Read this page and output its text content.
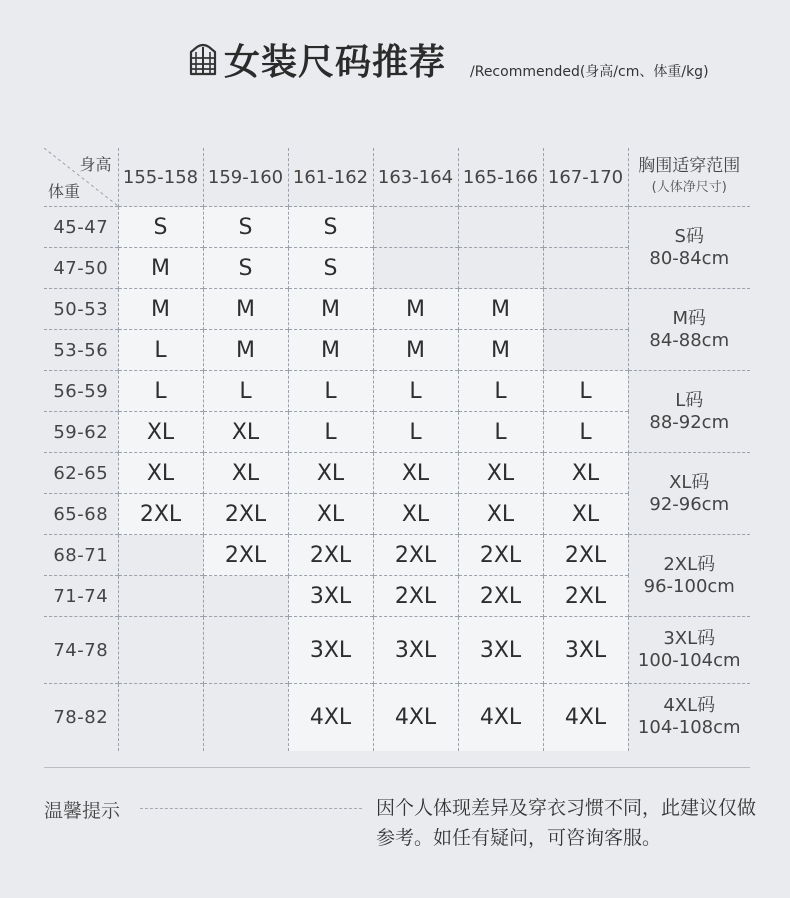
女装尺码推荐 /Recommended(身高/cm、体重/kg)
身高
体重	155-158	159-160	161-162	163-164	165-166	167-170	胸围适穿范围
(人体净尺寸)

45-47	S	S	S				S码
80-84cm

47-50	M	S	S				
50-53	M	M	M	M	M		M码
84-88cm

53-56	L	M	M	M	M		
56-59	L	L	L	L	L	L	L码
88-92cm

59-62	XL	XL	L	L	L	L	
62-65	XL	XL	XL	XL	XL	XL	XL码
92-96cm

65-68	2XL	2XL	XL	XL	XL	XL	
68-71		2XL	2XL	2XL	2XL	2XL	2XL码
96-100cm

71-74			3XL	2XL	2XL	2XL	
74-78			3XL	3XL	3XL	3XL	3XL码
100-104cm

78-82			4XL	4XL	4XL	4XL	4XL码
104-108cm
温馨提示	因个人体现差异及穿衣习惯不同，此建议仅做参考。如任有疑问，可咨询客服。
